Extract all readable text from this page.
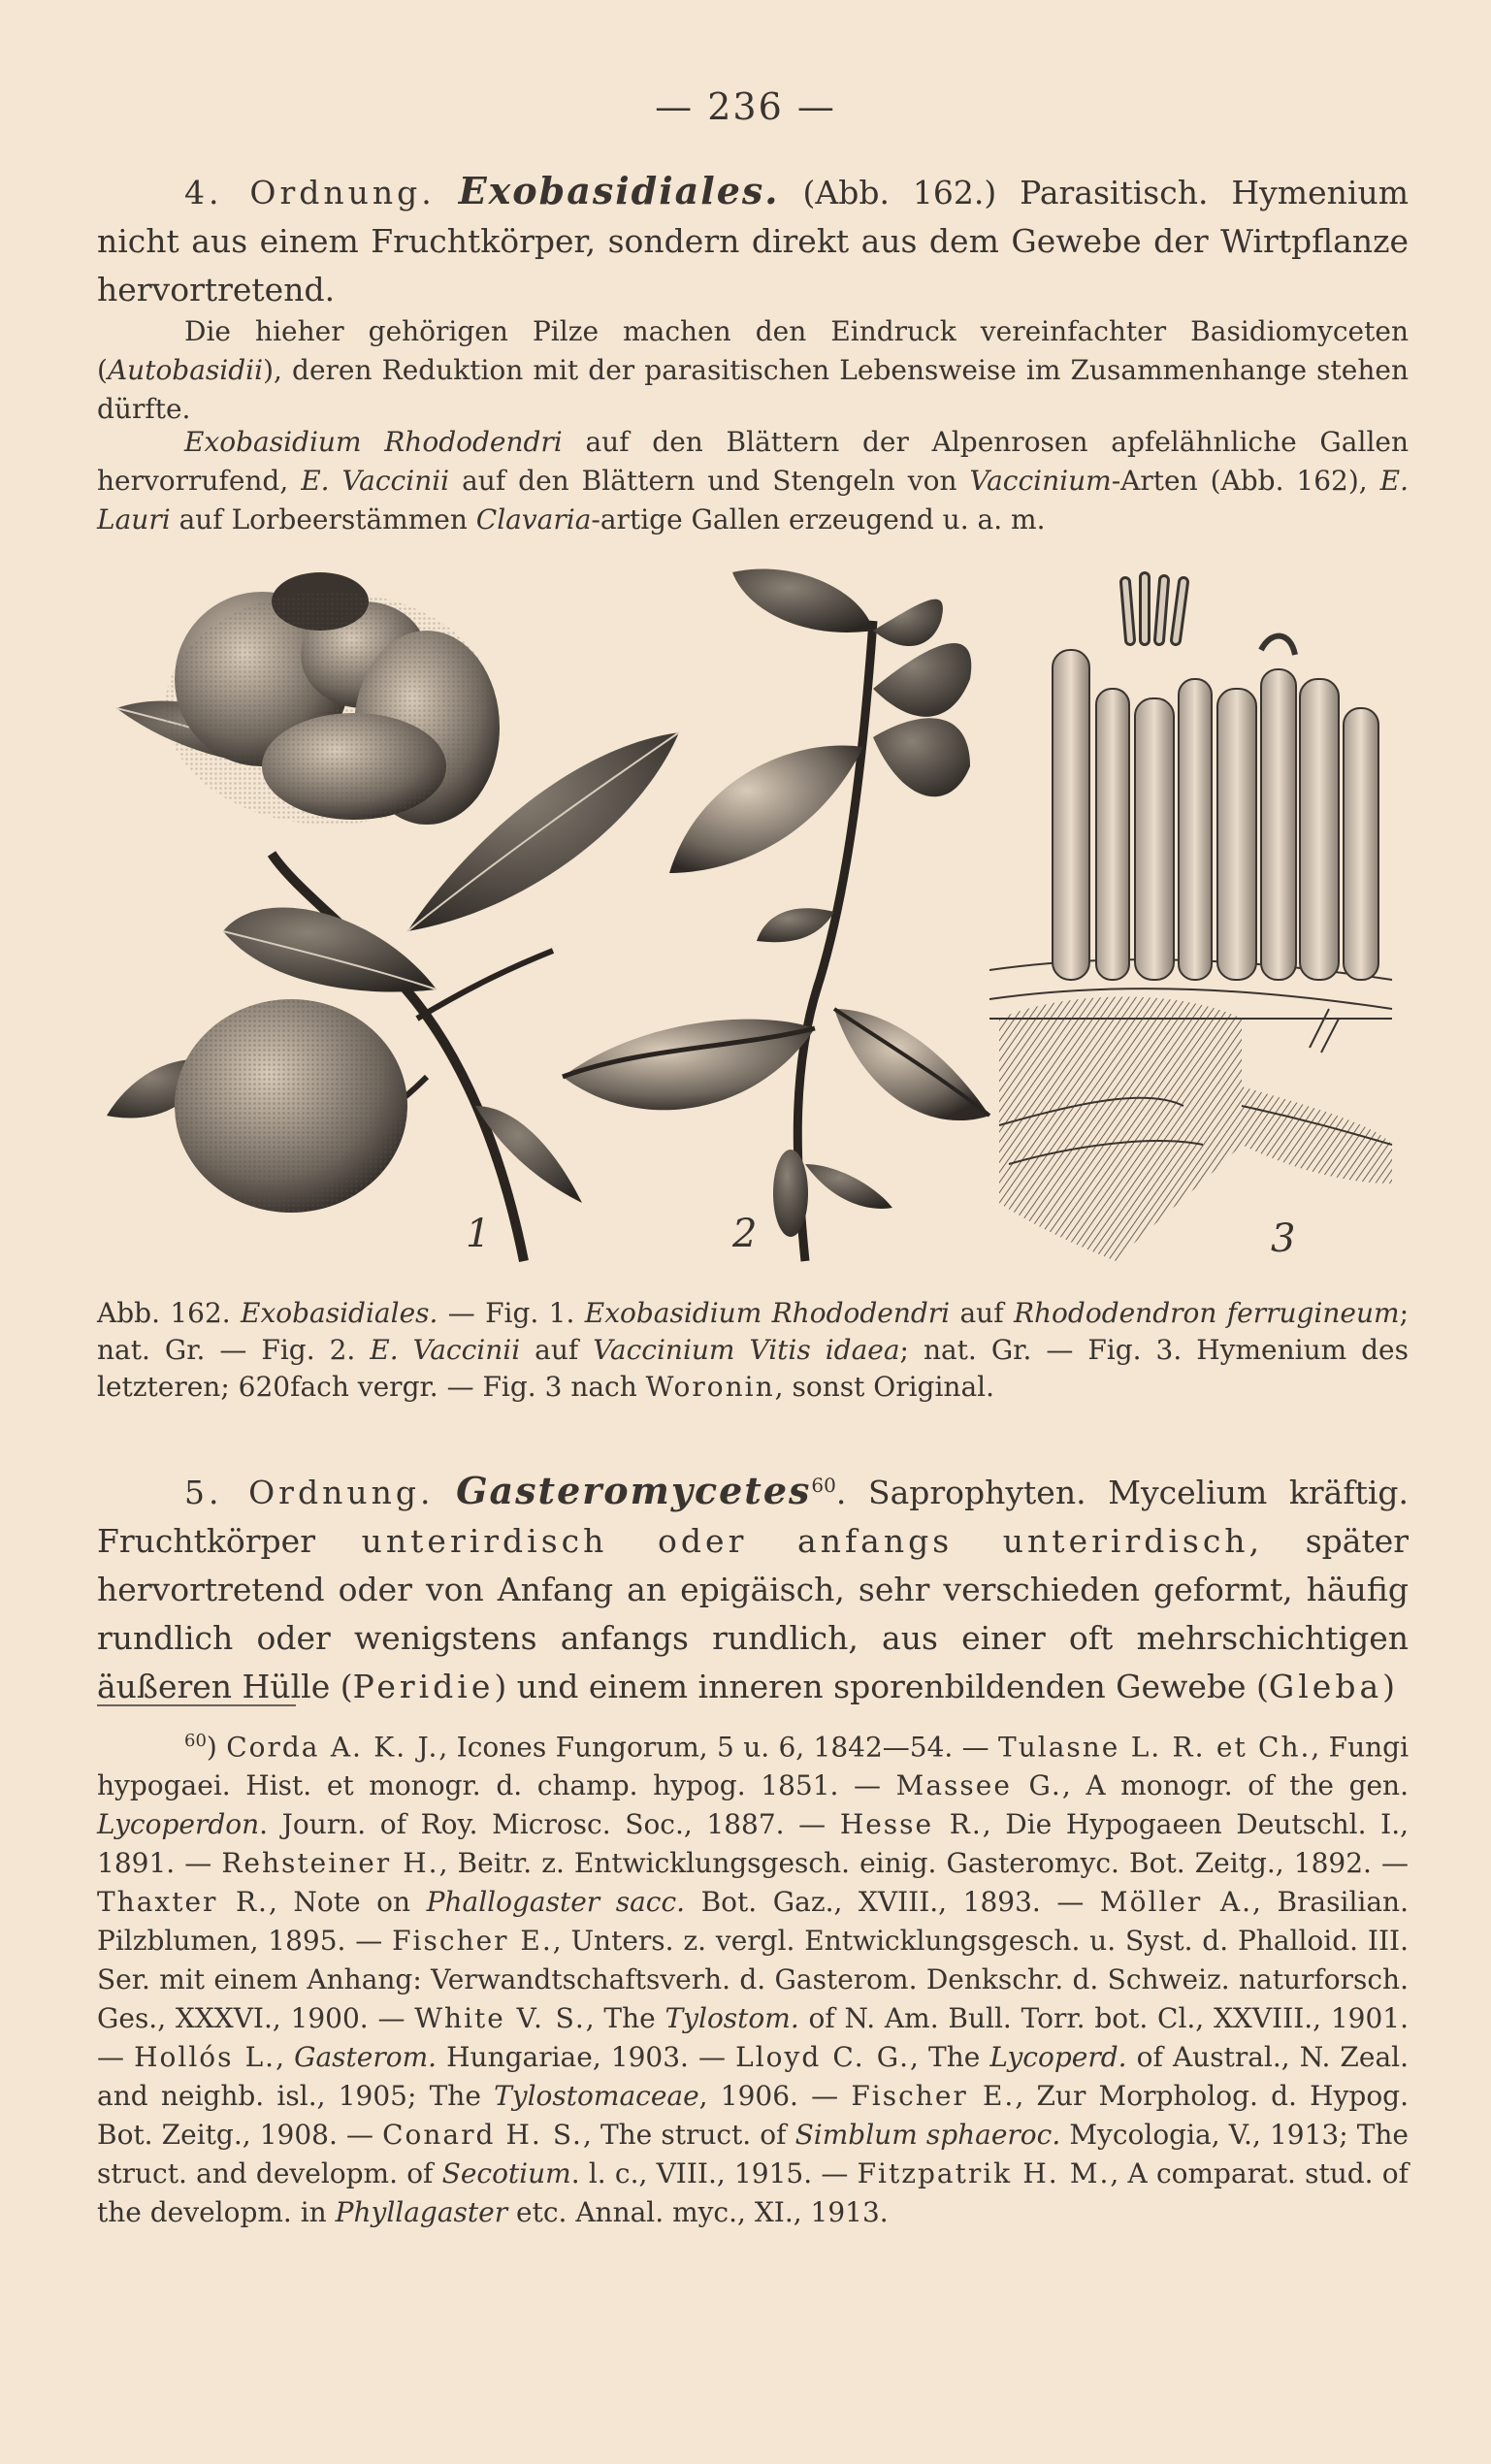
— 236 —
4. Ordnung. Exobasidiales. (Abb. 162.) Parasitisch. Hymenium nicht aus einem Fruchtkörper, sondern direkt aus dem Gewebe der Wirtpflanze hervortretend.
Die hieher gehörigen Pilze machen den Eindruck vereinfachter Basidiomyceten (Autobasidii), deren Reduktion mit der parasitischen Lebensweise im Zusammenhange stehen dürfte.
Exobasidium Rhododendri auf den Blättern der Alpenrosen apfelähnliche Gallen hervorrufend, E. Vaccinii auf den Blättern und Stengeln von Vaccinium-Arten (Abb. 162), E. Lauri auf Lorbeerstämmen Clavaria-artige Gallen erzeugend u. a. m.
1	2	3
Abb. 162. Exobasidiales. — Fig. 1. Exobasidium Rhododendri auf Rhododendron ferrugineum; nat. Gr. — Fig. 2. E. Vaccinii auf Vaccinium Vitis idaea; nat. Gr. — Fig. 3. Hymenium des letzteren; 620fach vergr. — Fig. 3 nach Woronin, sonst Original.
5. Ordnung. Gasteromycetes$^{60}$. Saprophyten. Mycelium kräftig. Fruchtkörper unterirdisch oder anfangs unterirdisch, später hervortretend oder von Anfang an epigäisch, sehr verschieden geformt, häufig rundlich oder wenigstens anfangs rundlich, aus einer oft mehrschichtigen äußeren Hülle (Peridie) und einem inneren sporenbildenden Gewebe (Gleba)
$^{60}$) Corda A. K. J., Icones Fungorum, 5 u. 6, 1842—54. — Tulasne L. R. et Ch., Fungi hypogaei. Hist. et monogr. d. champ. hypog. 1851. — Massee G., A monogr. of the gen. Lycoperdon. Journ. of Roy. Microsc. Soc., 1887. — Hesse R., Die Hypogaeen Deutschl. I., 1891. — Rehsteiner H., Beitr. z. Entwicklungsgesch. einig. Gasteromyc. Bot. Zeitg., 1892. — Thaxter R., Note on Phallogaster sacc. Bot. Gaz., XVIII., 1893. — Möller A., Brasilian. Pilzblumen, 1895. — Fischer E., Unters. z. vergl. Entwicklungsgesch. u. Syst. d. Phalloid. III. Ser. mit einem Anhang: Verwandtschaftsverh. d. Gasterom. Denkschr. d. Schweiz. naturforsch. Ges., XXXVI., 1900. — White V. S., The Tylostom. of N. Am. Bull. Torr. bot. Cl., XXVIII., 1901. — Hollós L., Gasterom. Hungariae, 1903. — Lloyd C. G., The Lycoperd. of Austral., N. Zeal. and neighb. isl., 1905; The Tylostomaceae, 1906. — Fischer E., Zur Morpholog. d. Hypog. Bot. Zeitg., 1908. — Conard H. S., The struct. of Simblum sphaeroc. Mycologia, V., 1913; The struct. and developm. of Secotium. l. c., VIII., 1915. — Fitzpatrik H. M., A comparat. stud. of the developm. in Phyllagaster etc. Annal. myc., XI., 1913.
